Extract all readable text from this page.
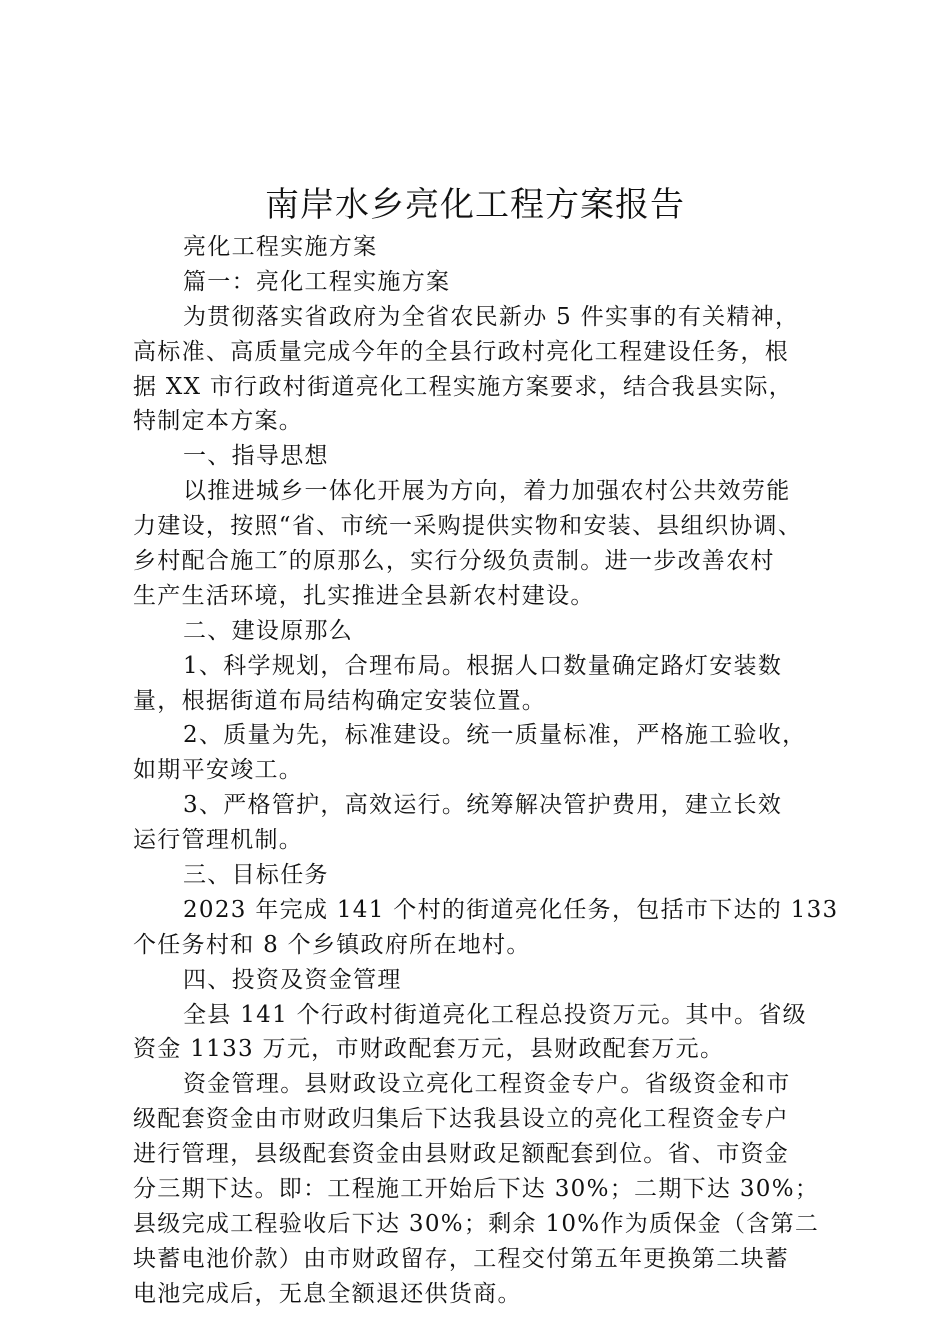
南岸水乡亮化工程方案报告
亮化工程实施方案
篇一：亮化工程实施方案
为贯彻落实省政府为全省农民新办 5 件实事的有关精神，
高标准、高质量完成今年的全县行政村亮化工程建设任务，根
据 XX 市行政村街道亮化工程实施方案要求，结合我县实际，
特制定本方案。
一、指导思想
以推进城乡一体化开展为方向，着力加强农村公共效劳能
力建设，按照“省、市统一采购提供实物和安装、县组织协调、
乡村配合施工″的原那么，实行分级负责制。进一步改善农村
生产生活环境，扎实推进全县新农村建设。
二、建设原那么
1、科学规划，合理布局。根据人口数量确定路灯安装数
量，根据街道布局结构确定安装位置。
2、质量为先，标准建设。统一质量标准，严格施工验收，
如期平安竣工。
3、严格管护，高效运行。统筹解决管护费用，建立长效
运行管理机制。
三、目标任务
2023 年完成 141 个村的街道亮化任务，包括市下达的 133
个任务村和 8 个乡镇政府所在地村。
四、投资及资金管理
全县 141 个行政村街道亮化工程总投资万元。其中。省级
资金 1133 万元，市财政配套万元，县财政配套万元。
资金管理。县财政设立亮化工程资金专户。省级资金和市
级配套资金由市财政归集后下达我县设立的亮化工程资金专户
进行管理，县级配套资金由县财政足额配套到位。省、市资金
分三期下达。即：工程施工开始后下达 30%；二期下达 30%；
县级完成工程验收后下达 30%；剩余 10%作为质保金（含第二
块蓄电池价款）由市财政留存，工程交付第五年更换第二块蓄
电池完成后，无息全额退还供货商。
